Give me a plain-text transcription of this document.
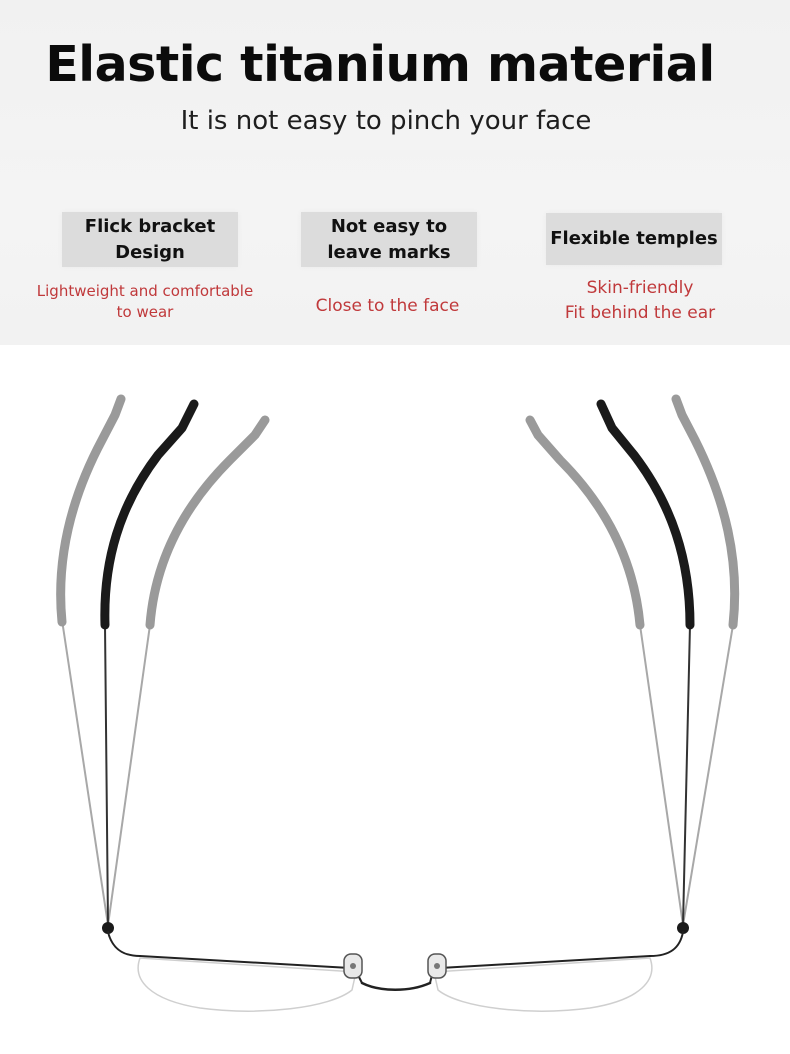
Elastic titanium material
It is not easy to pinch your face
Flick bracket
Design
Not easy to
leave marks
Flexible temples
Lightweight and comfortable
to wear	Close to the face
Skin-friendly
Fit behind the ear
